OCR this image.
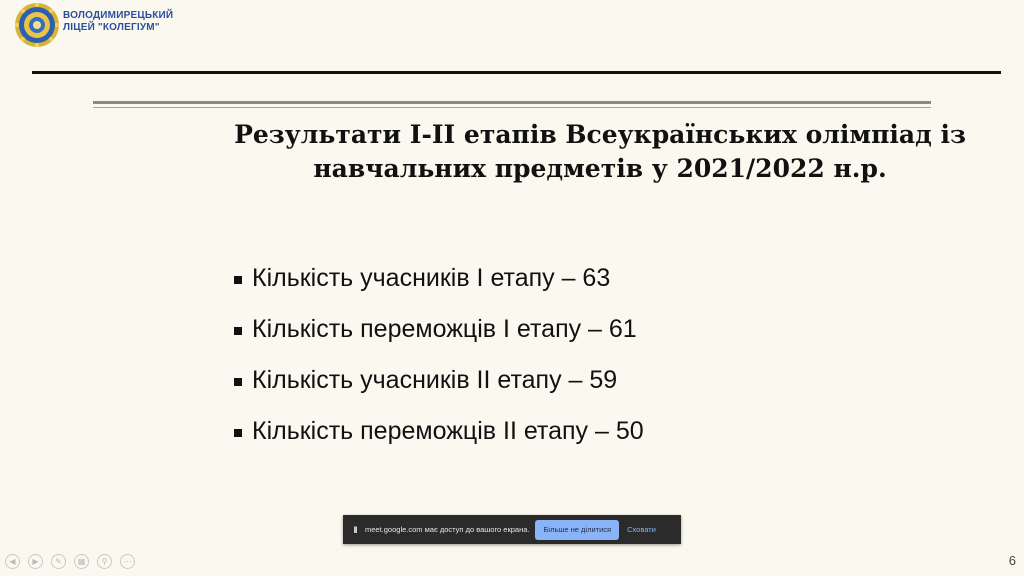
ВОЛОДИМИРЕЦЬКИЙ
ЛІЦЕЙ "КОЛЕГІУМ"
Результати І-ІІ етапів Всеукраїнських олімпіад із
навчальних предметів у 2021/2022 н.р.
Кількість учасників І етапу – 63
Кількість переможців І етапу – 61
Кількість учасників ІІ етапу – 59
Кількість переможців ІІ етапу – 50
II	meet.google.com має доступ до вашого екрана.	Більше не ділитися	Сховати
◀	▶	✎	▦	⚲	⋯	6
